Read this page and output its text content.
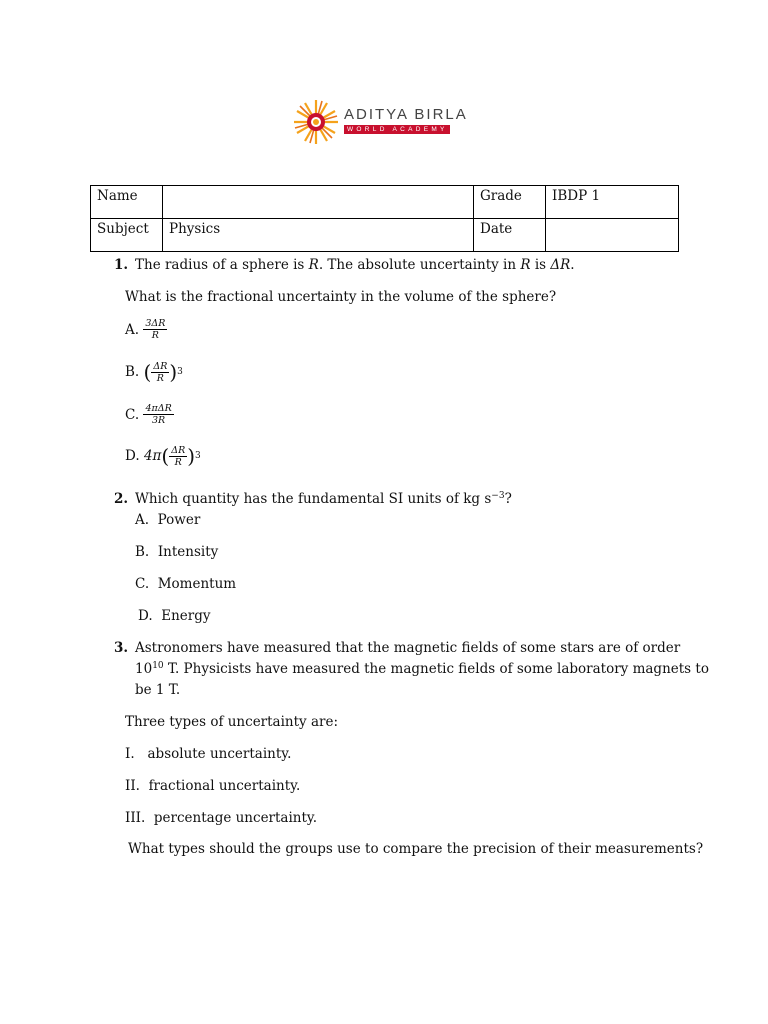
ADITYA BIRLA
WORLD ACADEMY
Name		Grade	IBDP 1
Subject	Physics	Date	
1. The radius of a sphere is R. The absolute uncertainty in R is ΔR.
What is the fractional uncertainty in the volume of the sphere?
A.
$\frac{3\Delta R}{R}$
B.
( $\frac{\Delta R}{R}$ ) 3
C.
$\frac{\text{4πΔR}}{3R}$
D.
4π ( $\frac{\Delta R}{R}$ ) 3
2. Which quantity has the fundamental SI units of kg $s^{-3}$?
A. Power
B. Intensity
C. Momentum
D. Energy
3. Astronomers have measured that the magnetic fields of some stars are of order
$10^{10}$ T. Physicists have measured the magnetic fields of some laboratory magnets to
be 1 T.
Three types of uncertainty are:
I. absolute uncertainty.
II. fractional uncertainty.
III. percentage uncertainty.
What types should the groups use to compare the precision of their measurements?
